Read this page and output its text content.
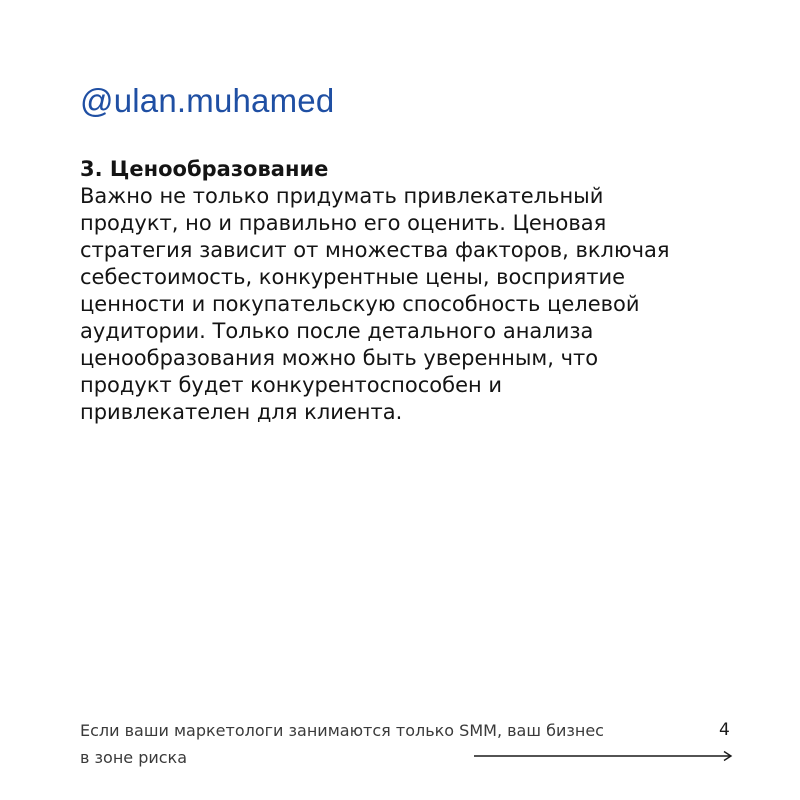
@ulan.muhamed
3. Ценообразование
Важно не только придумать привлекательный
продукт, но и правильно его оценить. Ценовая
стратегия зависит от множества факторов, включая
себестоимость, конкурентные цены, восприятие
ценности и покупательскую способность целевой
аудитории. Только после детального анализа
ценообразования можно быть уверенным, что
продукт будет конкурентоспособен и
привлекателен для клиента.
Если ваши маркетологи занимаются только SMM, ваш бизнес
в зоне риска
4
